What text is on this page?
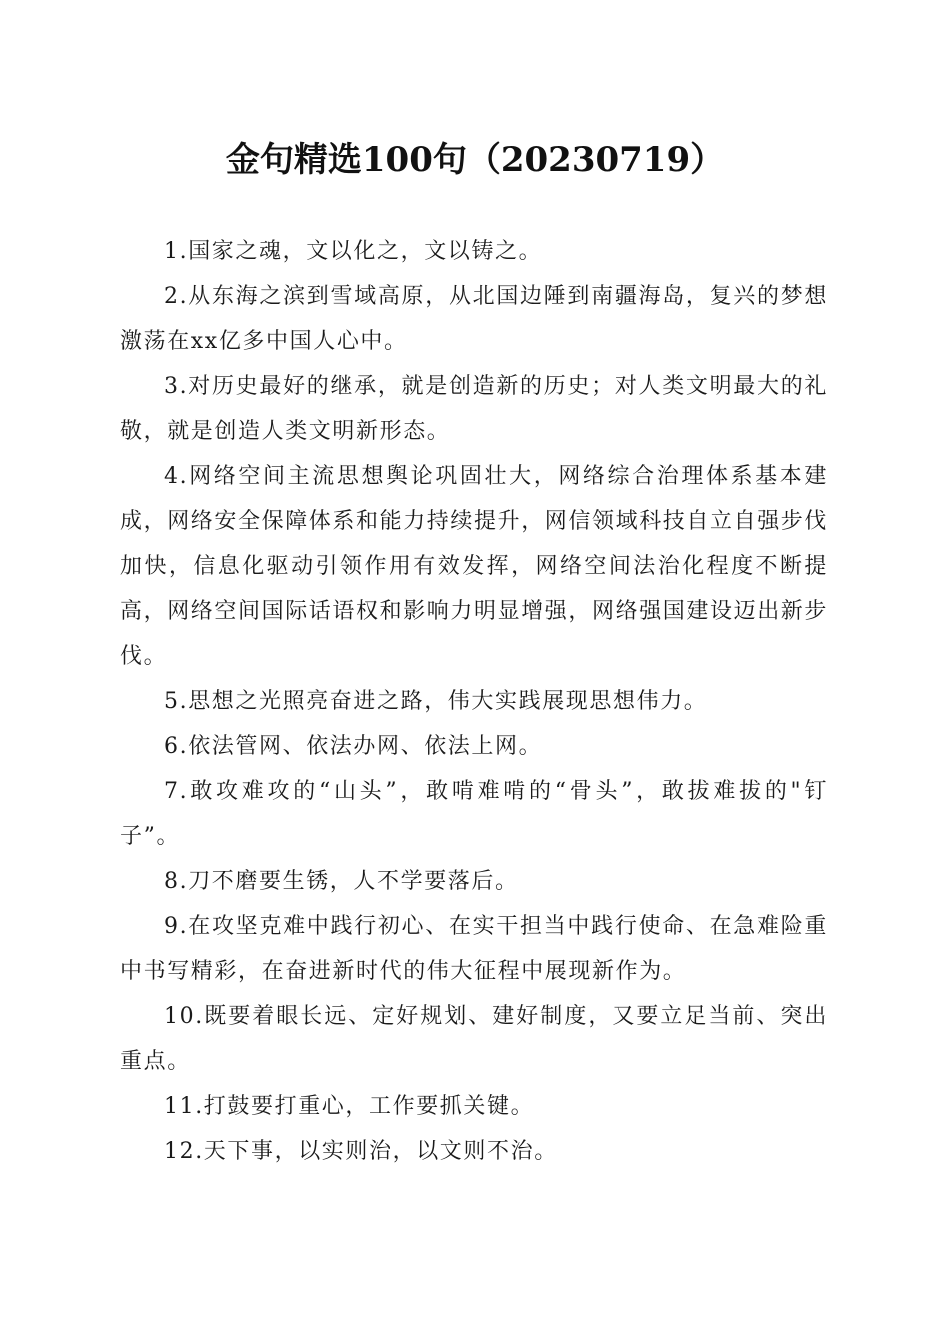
金句精选100句（20230719）

1.国家之魂，文以化之，文以铸之。

2.从东海之滨到雪域高原，从北国边陲到南疆海岛，复兴的梦想激荡在xx亿多中国人心中。

3.对历史最好的继承，就是创造新的历史；对人类文明最大的礼敬，就是创造人类文明新形态。

4.网络空间主流思想舆论巩固壮大，网络综合治理体系基本建成，网络安全保障体系和能力持续提升，网信领域科技自立自强步伐加快，信息化驱动引领作用有效发挥，网络空间法治化程度不断提高，网络空间国际话语权和影响力明显增强，网络强国建设迈出新步伐。

5.思想之光照亮奋进之路，伟大实践展现思想伟力。

6.依法管网、依法办网、依法上网。

7.敢攻难攻的“山头”，敢啃难啃的“骨头”，敢拔难拔的"钉子”。

8.刀不磨要生锈，人不学要落后。

9.在攻坚克难中践行初心、在实干担当中践行使命、在急难险重中书写精彩，在奋进新时代的伟大征程中展现新作为。

10.既要着眼长远、定好规划、建好制度，又要立足当前、突出重点。

11.打鼓要打重心，工作要抓关键。

12.天下事，以实则治，以文则不治。
